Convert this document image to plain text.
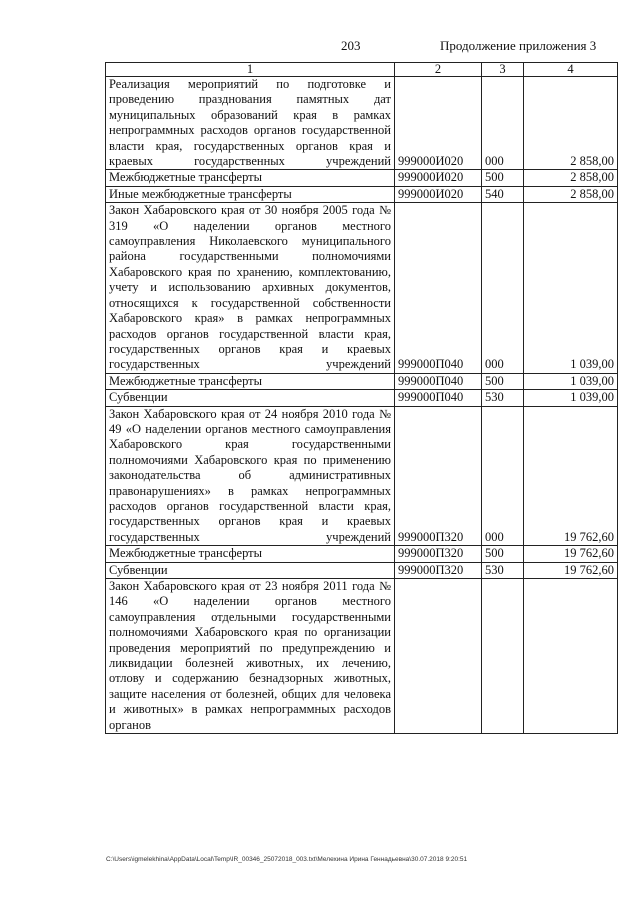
203	Продолжение приложения 3
1	2	3	4
Реализация мероприятий по подготовке и проведению празднования памятных дат муниципальных образований края в рамках непрограммных расходов органов государственной власти края, государственных органов края и краевых государственных учреждений	999000И020	000	2 858,00
Межбюджетные трансферты	999000И020	500	2 858,00
Иные межбюджетные трансферты	999000И020	540	2 858,00
Закон Хабаровского края от 30 ноября 2005 года № 319 «О наделении органов местного самоуправления Николаевского муниципального района государственными полномочиями Хабаровского края по хранению, комплектованию, учету и использованию архивных документов, относящихся к государственной собственности Хабаровского края» в рамках непрограммных расходов органов государственной власти края, государственных органов края и краевых государственных учреждений	999000П040	000	1 039,00
Межбюджетные трансферты	999000П040	500	1 039,00
Субвенции	999000П040	530	1 039,00
Закон Хабаровского края от 24 ноября 2010 года № 49 «О наделении органов местного самоуправления Хабаровского края государственными полномочиями Хабаровского края по применению законодательства об административных правонарушениях» в рамках непрограммных расходов органов государственной власти края, государственных органов края и краевых государственных учреждений	999000П320	000	19 762,60
Межбюджетные трансферты	999000П320	500	19 762,60
Субвенции	999000П320	530	19 762,60
Закон Хабаровского края от 23 ноября 2011 года № 146 «О наделении органов местного самоуправления отдельными государственными полномочиями Хабаровского края по организации проведения мероприятий по предупреждению и ликвидации болезней животных, их лечению, отлову и содержанию безнадзорных животных, защите населения от болезней, общих для человека и животных» в рамках непрограммных расходов органов			
C:\Users\igmelekhina\AppData\Local\Temp\IR_00346_25072018_003.txt\Мелехина Ирина Геннадьевна\30.07.2018 9:20:51
